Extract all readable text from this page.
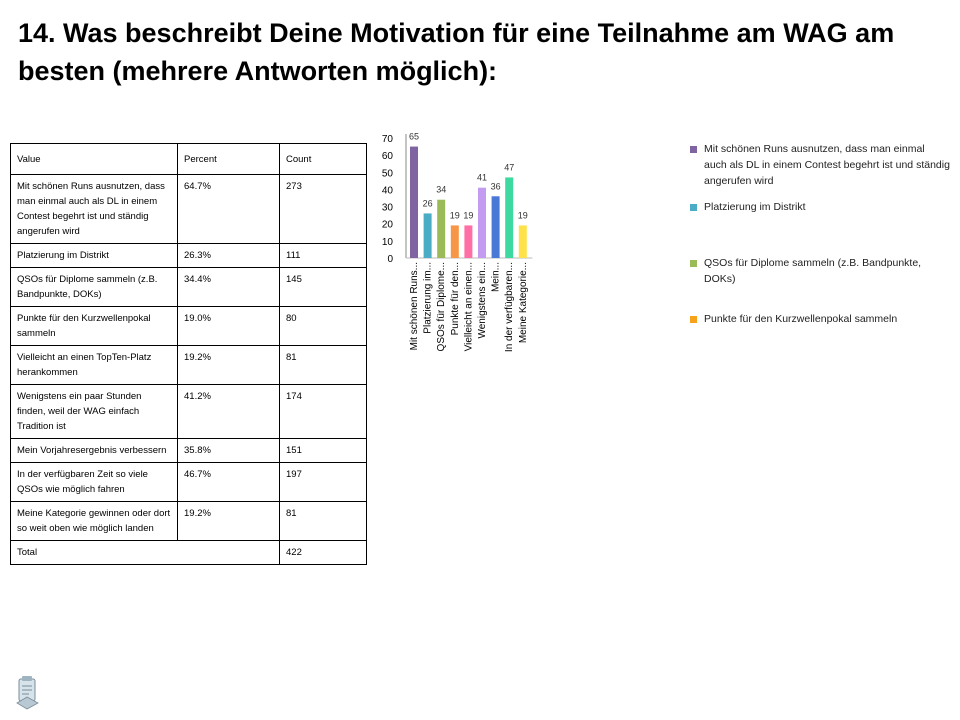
14. Was beschreibt Deine Motivation für eine Teilnahme am WAG am besten (mehrere Antworten möglich):
Value	Percent	Count
Mit schönen Runs ausnutzen, dass man einmal auch als DL in einem Contest begehrt ist und ständig angerufen wird	64.7%	273
Platzierung im Distrikt	26.3%	111
QSOs für Diplome sammeln (z.B. Bandpunkte, DOKs)	34.4%	145
Punkte für den Kurzwellenpokal sammeln	19.0%	80
Vielleicht an einen TopTen-Platz herankommen	19.2%	81
Wenigstens ein paar Stunden finden, weil der WAG einfach Tradition ist	41.2%	174
Mein Vorjahresergebnis verbessern	35.8%	151
In der verfügbaren Zeit so viele QSOs wie möglich fahren	46.7%	197
Meine Kategorie gewinnen oder dort so weit oben wie möglich landen	19.2%	81
Total		422
0
10
20
30
40
50
60
70 65
Mit schönen Runs...
26
Platzierung im...
34
QSOs für Diplome...
19
Punkte für den...
19
Vielleicht an einen...
41
Wenigstens ein...
36
Mein...
47
In der verfügbaren...
19
Meine Kategorie...
Mit schönen Runs ausnutzen, dass man einmal auch als DL in einem Contest begehrt ist und ständig angerufen wird
Platzierung im Distrikt
QSOs für Diplome sammeln (z.B. Bandpunkte, DOKs)
Punkte für den Kurzwellenpokal sammeln
